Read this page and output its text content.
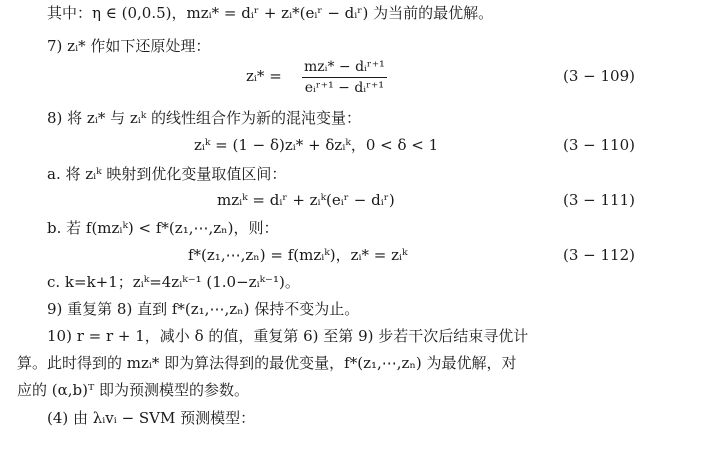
其中：η ∈ (0,0.5)，mzᵢ* = dᵢʳ + zᵢ*(eᵢʳ − dᵢʳ) 为当前的最优解。
7) zᵢ* 作如下还原处理：
zᵢ* = mzᵢ* − dᵢʳ⁺¹
eᵢʳ⁺¹ − dᵢʳ⁺¹
(3 − 109)
8) 将 zᵢ* 与 zᵢᵏ 的线性组合作为新的混沌变量：
zᵢᵏ = (1 − δ)zᵢ* + δzᵢᵏ，0 < δ < 1	(3 − 110)
a. 将 zᵢᵏ 映射到优化变量取值区间：
mzᵢᵏ = dᵢʳ + zᵢᵏ(eᵢʳ − dᵢʳ)	(3 − 111)
b. 若 f(mzᵢᵏ) < f*(z₁,⋯,zₙ)，则：
f*(z₁,⋯,zₙ) = f(mzᵢᵏ)，zᵢ* = zᵢᵏ	(3 − 112)
c. k=k+1；zᵢᵏ=4zᵢᵏ⁻¹ (1.0−zᵢᵏ⁻¹)。
9) 重复第 8) 直到 f*(z₁,⋯,zₙ) 保持不变为止。
10) r = r + 1，减小 δ 的值，重复第 6) 至第 9) 步若干次后结束寻优计
算。此时得到的 mzᵢ* 即为算法得到的最优变量，f*(z₁,⋯,zₙ) 为最优解，对
应的 (α,b)ᵀ 即为预测模型的参数。
(4) 由 λᵢvᵢ − SVM 预测模型：
